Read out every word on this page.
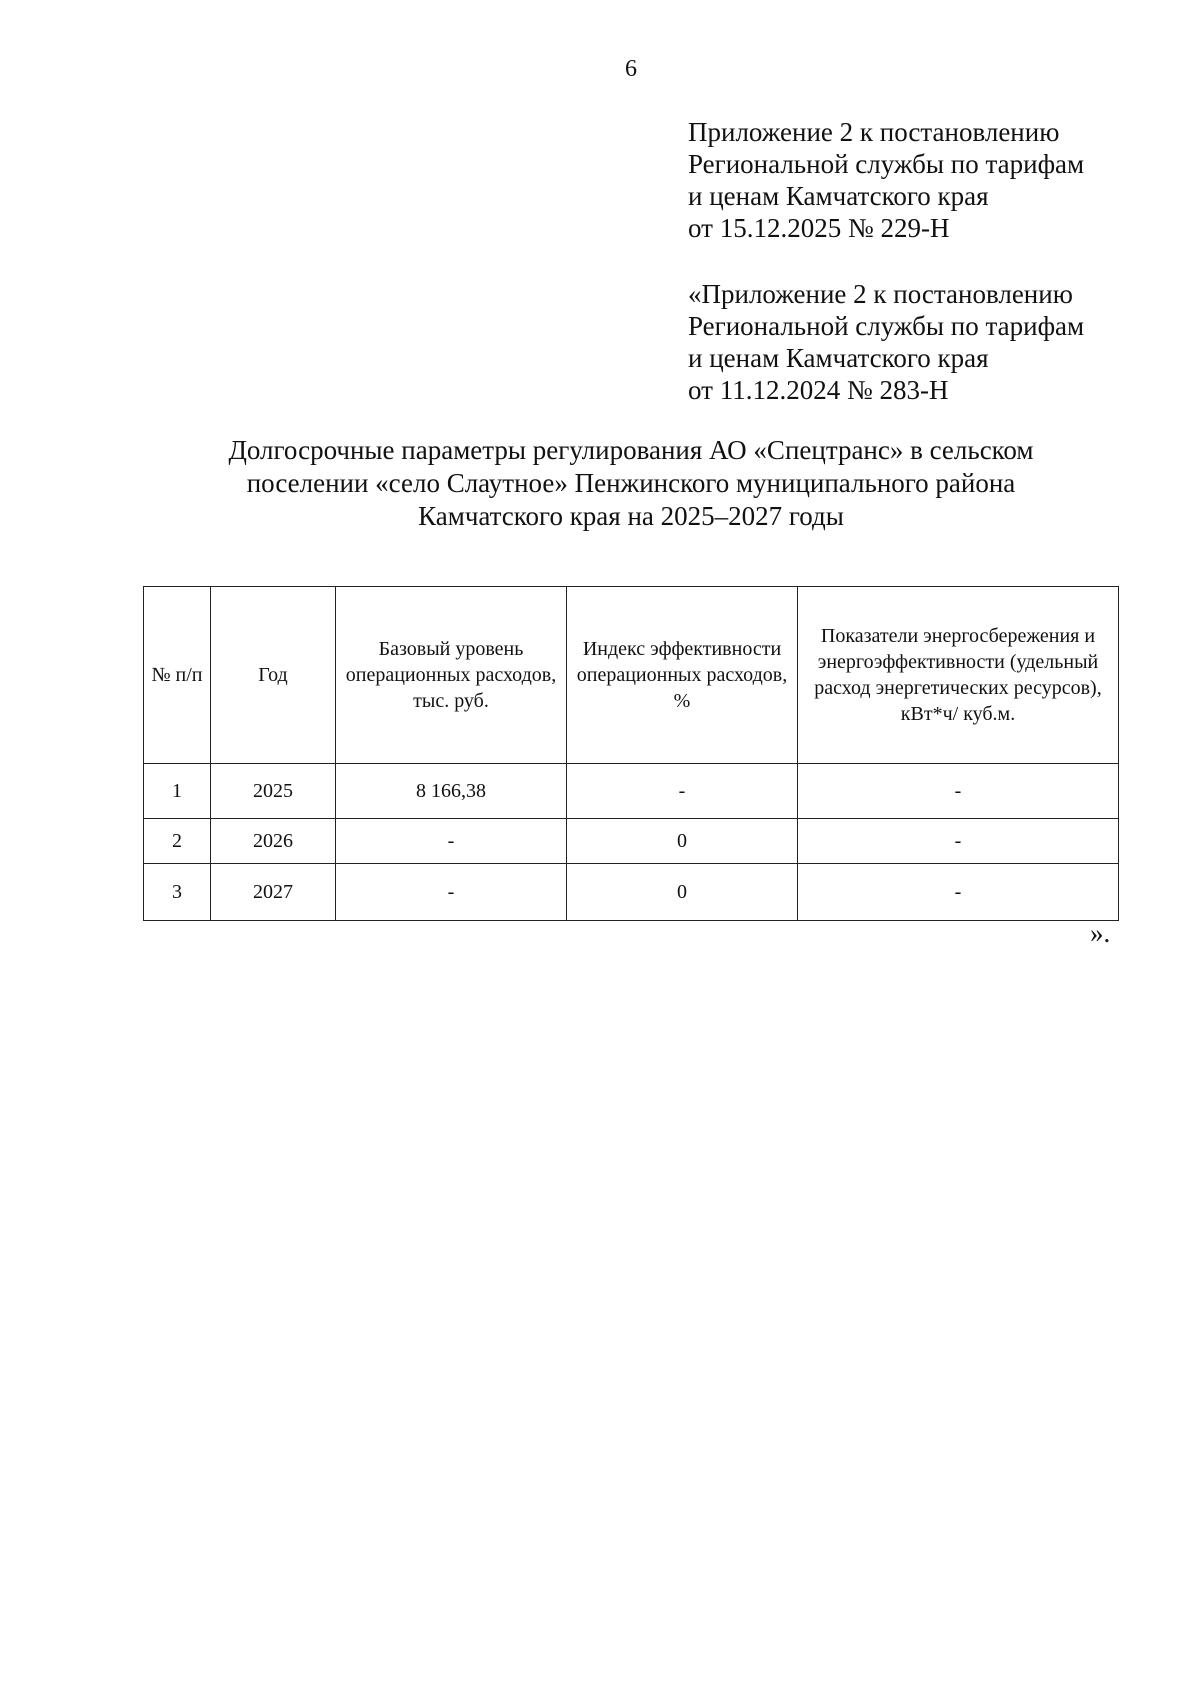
6
Приложение 2 к постановлению
Региональной службы по тарифам
и ценам Камчатского края
от 15.12.2025 № 229-Н
«Приложение 2 к постановлению
Региональной службы по тарифам
и ценам Камчатского края
от 11.12.2024 № 283-Н
Долгосрочные параметры регулирования АО «Спецтранс» в сельском
поселении «село Слаутное» Пенжинского муниципального района
Камчатского края на 2025–2027 годы
№ п/п	Год	Базовый уровень операционных расходов, тыс. руб.	Индекс эффективности операционных расходов, %	Показатели энергосбережения и энергоэффективности (удельный расход энергетических ресурсов), кВт*ч/ куб.м.
1	2025	8 166,38	-	-
2	2026	-	0	-
3	2027	-	0	-
».
